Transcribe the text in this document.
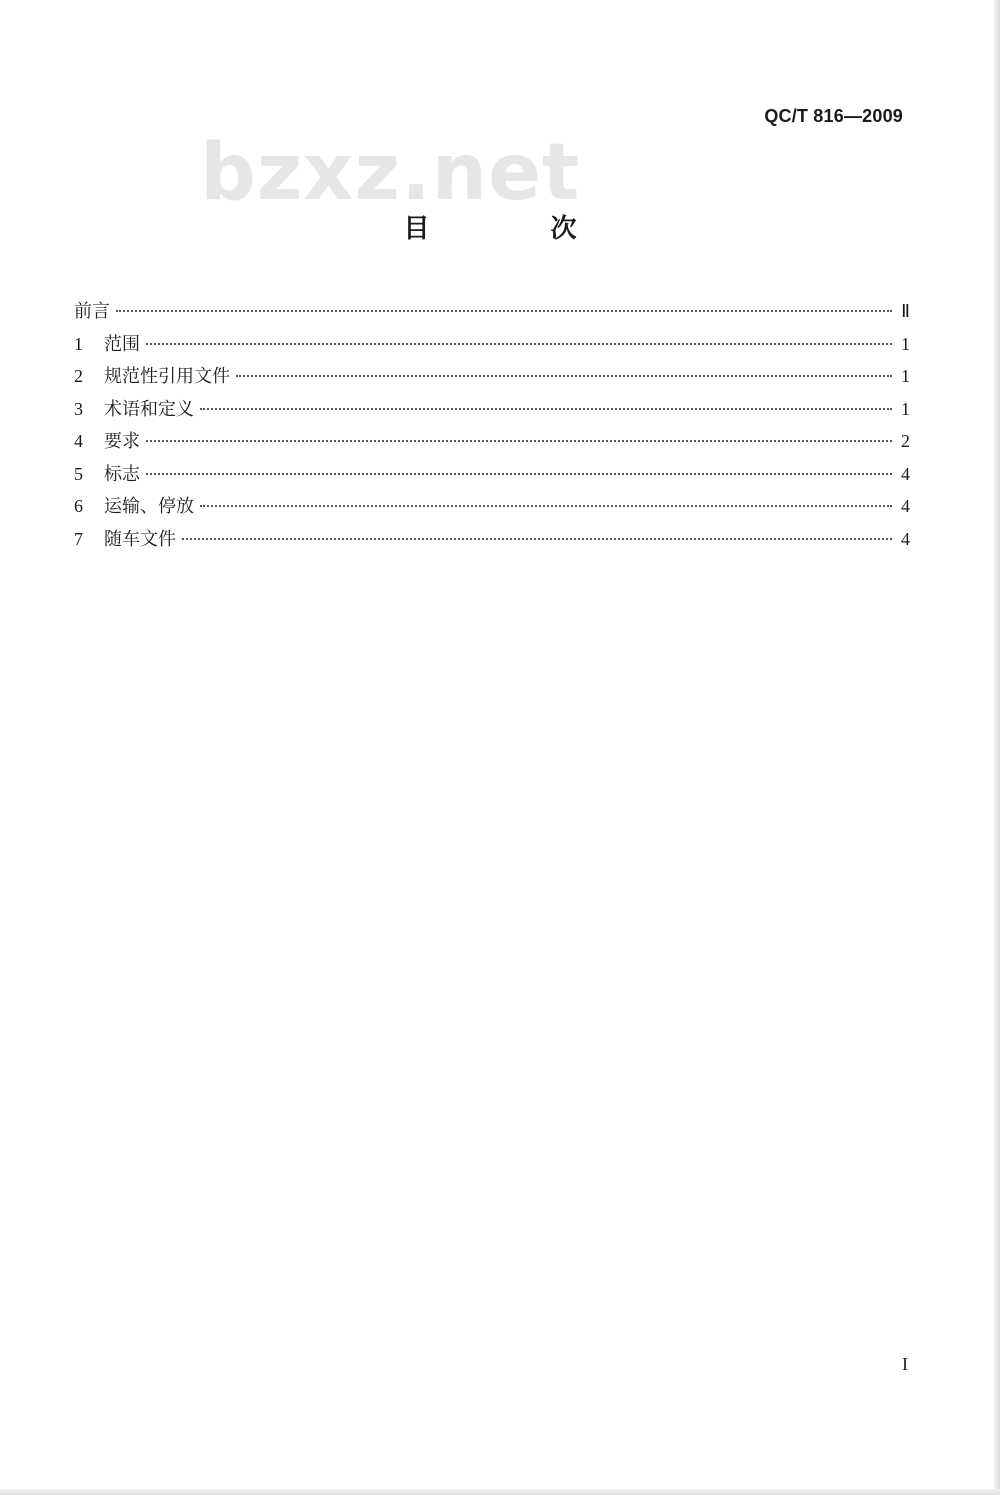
QC/T 816—2009
bzxz.net
目 次
前言	Ⅱ
1	范围	1
2	规范性引用文件	1
3	术语和定义	1
4	要求	2
5	标志	4
6	运输、停放	4
7	随车文件	4
I
